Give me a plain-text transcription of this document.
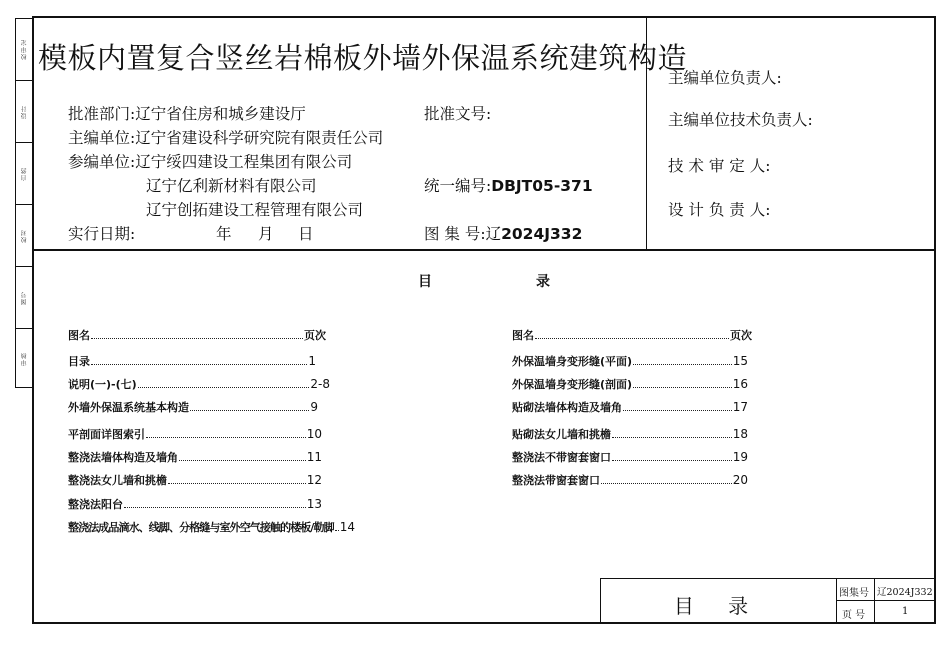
校审定
设计
自然
校对
图号
审核
模板内置复合竖丝岩棉板外墙外保温系统建筑构造
批准部门:辽宁省住房和城乡建设厅
主编单位:辽宁省建设科学研究院有限责任公司
参编单位:辽宁绥四建设工程集团有限公司
辽宁亿利新材料有限公司
辽宁创拓建设工程管理有限公司
实行日期:	年 月 日
批准文号:
统一编号:DBJT05-371
图 集 号:辽2024J332
主编单位负责人:
主编单位技术负责人:
技 术 审 定 人:
设 计 负 责 人:
目	录
图名	页次
目录	1
说明(一)-(七)	2-8
外墙外保温系统基本构造	9
平剖面详图索引	10
整浇法墙体构造及墙角	11
整浇法女儿墙和挑檐	12
整浇法阳台	13
整浇法成品滴水、线脚、分格缝与室外空气接触的楼板/勒脚 14
图名	页次
外保温墙身变形缝(平面)	15
外保温墙身变形缝(剖面)	16
贴砌法墙体构造及墙角	17
贴砌法女儿墙和挑檐	18
整浇法不带窗套窗口	19
整浇法带窗套窗口	20
目 录
图集号 辽2024J332
页 号	1
